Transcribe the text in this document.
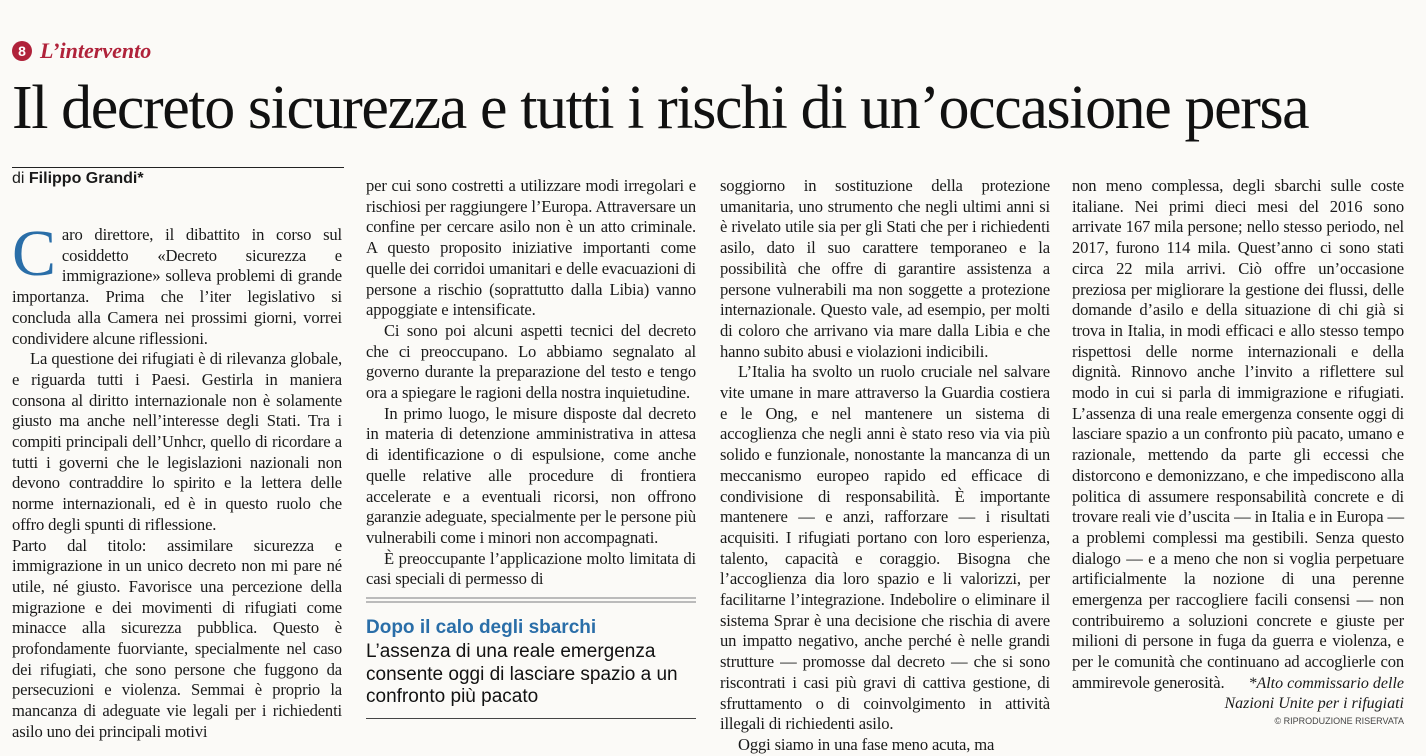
8 L’intervento
Il decreto sicurezza e tutti i rischi di un’occasione persa
di Filippo Grandi*

Caro direttore, il dibattito in corso sul cosiddetto «Decreto sicurezza e immigrazione» solleva problemi di grande importanza. Prima che l’iter legislativo si concluda alla Camera nei prossimi giorni, vorrei condividere alcune riflessioni.

La questione dei rifugiati è di rilevanza globale, e riguarda tutti i Paesi. Gestirla in maniera consona al diritto internazionale non è solamente giusto ma anche nell’interesse degli Stati. Tra i compiti principali dell’Unhcr, quello di ricordare a tutti i governi che le legislazioni nazionali non devono contraddire lo spirito e la lettera delle norme internazionali, ed è in questo ruolo che offro degli spunti di riflessione.

Parto dal titolo: assimilare sicurezza e immigrazione in un unico decreto non mi pare né utile, né giusto. Favorisce una percezione della migrazione e dei movimenti di rifugiati come minacce alla sicurezza pubblica. Questo è profondamente fuorviante, specialmente nel caso dei rifugiati, che sono persone che fuggono da persecuzioni e violenza. Semmai è proprio la mancanza di adeguate vie legali per i richiedenti asilo uno dei principali motivi

per cui sono costretti a utilizzare modi irregolari e rischiosi per raggiungere l’Europa. Attraversare un confine per cercare asilo non è un atto criminale. A questo proposito iniziative importanti come quelle dei corridoi umanitari e delle evacuazioni di persone a rischio (soprattutto dalla Libia) vanno appoggiate e intensificate.

Ci sono poi alcuni aspetti tecnici del decreto che ci preoccupano. Lo abbiamo segnalato al governo durante la preparazione del testo e tengo ora a spiegare le ragioni della nostra inquietudine.

In primo luogo, le misure disposte dal decreto in materia di detenzione amministrativa in attesa di identificazione o di espulsione, come anche quelle relative alle procedure di frontiera accelerate e a eventuali ricorsi, non offrono garanzie adeguate, specialmente per le persone più vulnerabili come i minori non accompagnati.

È preoccupante l’applicazione molto limitata di casi speciali di permesso di

Dopo il calo degli sbarchi
L’assenza di una reale emergenza consente oggi di lasciare spazio a un confronto più pacato

soggiorno in sostituzione della protezione umanitaria, uno strumento che negli ultimi anni si è rivelato utile sia per gli Stati che per i richiedenti asilo, dato il suo carattere temporaneo e la possibilità che offre di garantire assistenza a persone vulnerabili ma non soggette a protezione internazionale. Questo vale, ad esempio, per molti di coloro che arrivano via mare dalla Libia e che hanno subito abusi e violazioni indicibili.

L’Italia ha svolto un ruolo cruciale nel salvare vite umane in mare attraverso la Guardia costiera e le Ong, e nel mantenere un sistema di accoglienza che negli anni è stato reso via via più solido e funzionale, nonostante la mancanza di un meccanismo europeo rapido ed efficace di condivisione di responsabilità. È importante mantenere — e anzi, rafforzare — i risultati acquisiti. I rifugiati portano con loro esperienza, talento, capacità e coraggio. Bisogna che l’accoglienza dia loro spazio e li valorizzi, per facilitarne l’integrazione. Indebolire o eliminare il sistema Sprar è una decisione che rischia di avere un impatto negativo, anche perché è nelle grandi strutture — promosse dal decreto — che si sono riscontrati i casi più gravi di cattiva gestione, di sfruttamento o di coinvolgimento in attività illegali di richiedenti asilo.

Oggi siamo in una fase meno acuta, ma

non meno complessa, degli sbarchi sulle coste italiane. Nei primi dieci mesi del 2016 sono arrivate 167 mila persone; nello stesso periodo, nel 2017, furono 114 mila. Quest’anno ci sono stati circa 22 mila arrivi. Ciò offre un’occasione preziosa per migliorare la gestione dei flussi, delle domande d’asilo e della situazione di chi già si trova in Italia, in modi efficaci e allo stesso tempo rispettosi delle norme internazionali e della dignità. Rinnovo anche l’invito a riflettere sul modo in cui si parla di immigrazione e rifugiati. L’assenza di una reale emergenza consente oggi di lasciare spazio a un confronto più pacato, umano e razionale, mettendo da parte gli eccessi che distorcono e demonizzano, e che impediscono alla politica di assumere responsabilità concrete e di trovare reali vie d’uscita — in Italia e in Europa — a problemi complessi ma gestibili. Senza questo dialogo — e a meno che non si voglia perpetuare artificialmente la nozione di una perenne emergenza per raccogliere facili consensi — non contribuiremo a soluzioni concrete e giuste per milioni di persone in fuga da guerra e violenza, e per le comunità che continuano ad accoglierle con ammirevole generosità.	*Alto commissario delle
Nazioni Unite per i rifugiati
© RIPRODUZIONE RISERVATA
